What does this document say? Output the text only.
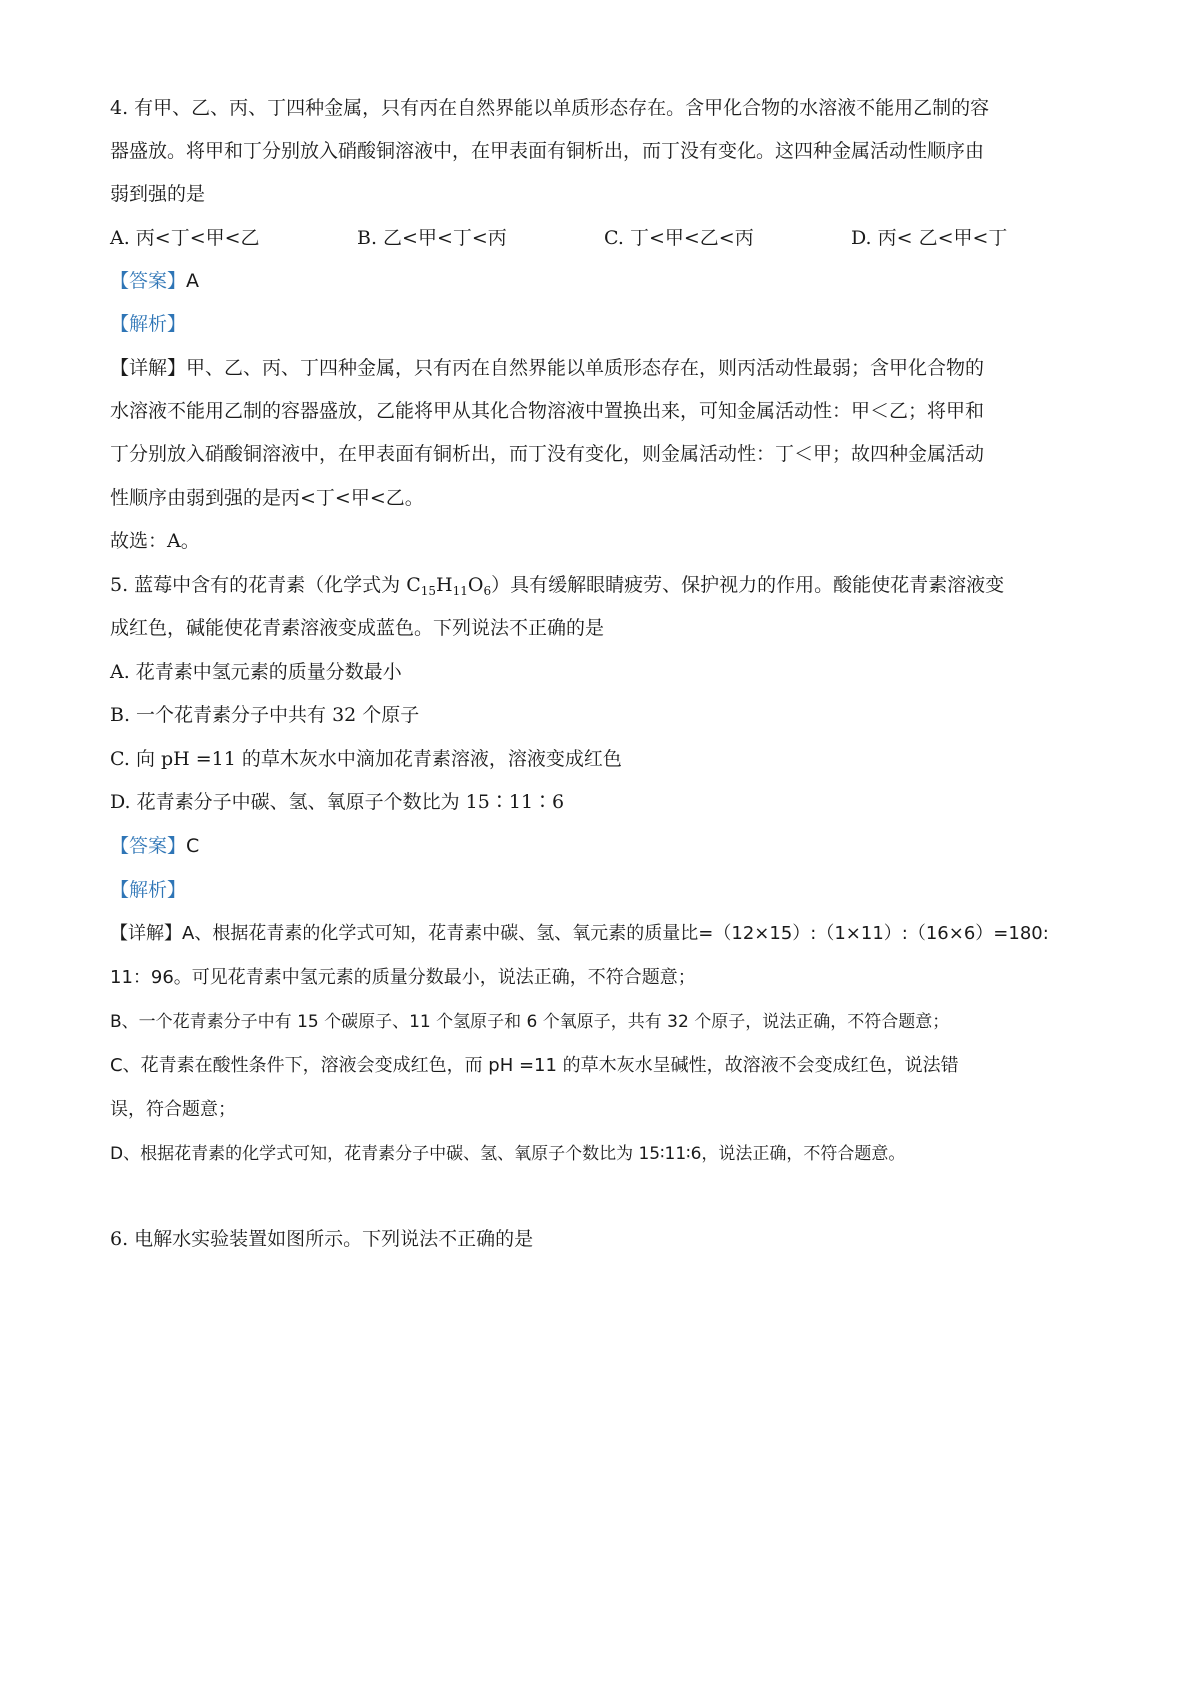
4. 有甲、乙、丙、丁四种金属，只有丙在自然界能以单质形态存在。含甲化合物的水溶液不能用乙制的容
器盛放。将甲和丁分别放入硝酸铜溶液中，在甲表面有铜析出，而丁没有变化。这四种金属活动性顺序由
弱到强的是
A. 丙<丁<甲<乙	B. 乙<甲<丁<丙	C. 丁<甲<乙<丙	D. 丙< 乙<甲<丁
【答案】A
【解析】
【详解】甲、乙、丙、丁四种金属，只有丙在自然界能以单质形态存在，则丙活动性最弱；含甲化合物的
水溶液不能用乙制的容器盛放，乙能将甲从其化合物溶液中置换出来，可知金属活动性：甲＜乙；将甲和
丁分别放入硝酸铜溶液中，在甲表面有铜析出，而丁没有变化，则金属活动性：丁＜甲；故四种金属活动
性顺序由弱到强的是丙<丁<甲<乙。
故选：A。
5. 蓝莓中含有的花青素（化学式为 $C_{15}H_{11}O_6$）具有缓解眼睛疲劳、保护视力的作用。酸能使花青素溶液变
成红色，碱能使花青素溶液变成蓝色。下列说法不正确的是
A. 花青素中氢元素的质量分数最小
B. 一个花青素分子中共有 32 个原子
C. 向 pH =11 的草木灰水中滴加花青素溶液，溶液变成红色
D. 花青素分子中碳、氢、氧原子个数比为 15∶11∶6
【答案】C
【解析】
【详解】A、根据花青素的化学式可知，花青素中碳、氢、氧元素的质量比=（12×15）:（1×11）:（16×6）=180:
11：96。可见花青素中氢元素的质量分数最小，说法正确，不符合题意；
B、一个花青素分子中有 15 个碳原子、11 个氢原子和 6 个氧原子，共有 32 个原子，说法正确，不符合题意；
C、花青素在酸性条件下，溶液会变成红色，而 pH =11 的草木灰水呈碱性，故溶液不会变成红色，说法错
误，符合题意；
D、根据花青素的化学式可知，花青素分子中碳、氢、氧原子个数比为 15∶11∶6，说法正确，不符合题意。
6. 电解水实验装置如图所示。下列说法不正确的是
